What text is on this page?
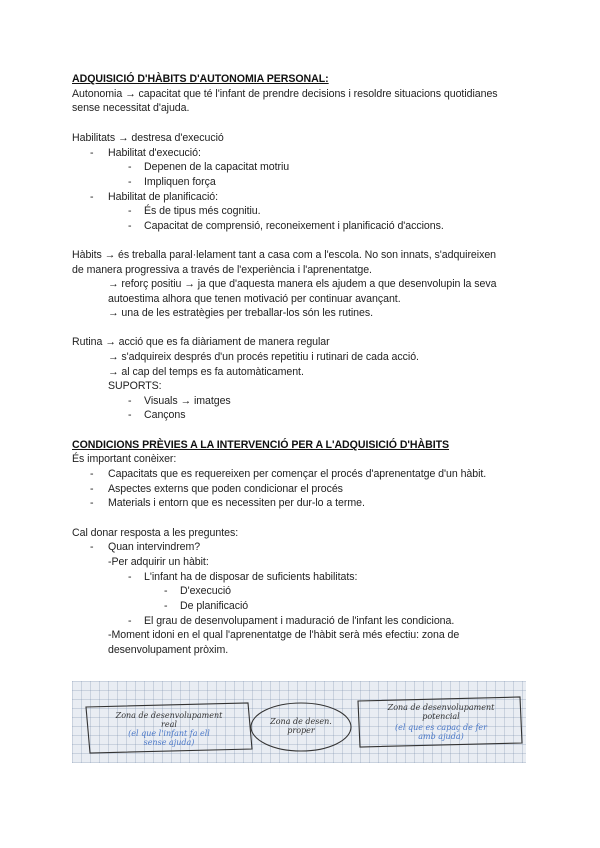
ADQUISICIÓ D'HÀBITS D'AUTONOMIA PERSONAL:
Autonomia → capacitat que té l'infant de prendre decisions i resoldre situacions quotidianes
sense necessitat d'ajuda.
Habilitats → destresa d'execució
- Habilitat d'execució:
- Depenen de la capacitat motriu
- Impliquen força
- Habilitat de planificació:
- És de tipus més cognitiu.
- Capacitat de comprensió, reconeixement i planificació d'accions.
Hàbits → és treballa paral·lelament tant a casa com a l'escola. No son innats, s'adquireixen
de manera progressiva a través de l'experiència i l'aprenentatge.
→ reforç positiu → ja que d'aquesta manera els ajudem a que desenvolupin la seva
autoestima alhora que tenen motivació per continuar avançant.
→ una de les estratègies per treballar-los són les rutines.
Rutina → acció que es fa diàriament de manera regular
→ s'adquireix després d'un procés repetitiu i rutinari de cada acció.
→ al cap del temps es fa automàticament.
SUPORTS:
- Visuals → imatges
- Cançons
CONDICIONS PRÈVIES A LA INTERVENCIÓ PER A L'ADQUISICIÓ D'HÀBITS
És important conèixer:
- Capacitats que es requereixen per començar el procés d'aprenentatge d'un hàbit.
- Aspectes externs que poden condicionar el procés
- Materials i entorn que es necessiten per dur-lo a terme.
Cal donar resposta a les preguntes:
- Quan intervindrem?
-Per adquirir un hàbit:
- L'infant ha de disposar de suficients habilitats:
- D'execució
- De planificació
- El grau de desenvolupament i maduració de l'infant les condiciona.
-Moment idoni en el qual l'aprenentatge de l'hàbit serà més efectiu: zona de
desenvolupament pròxim.
Zona de desenvolupament
real
(el que l'infant fa ell
sense ajuda)
Zona de desen.
proper
Zona de desenvolupament
potencial
(el que es capaç de fer
amb ajuda)
